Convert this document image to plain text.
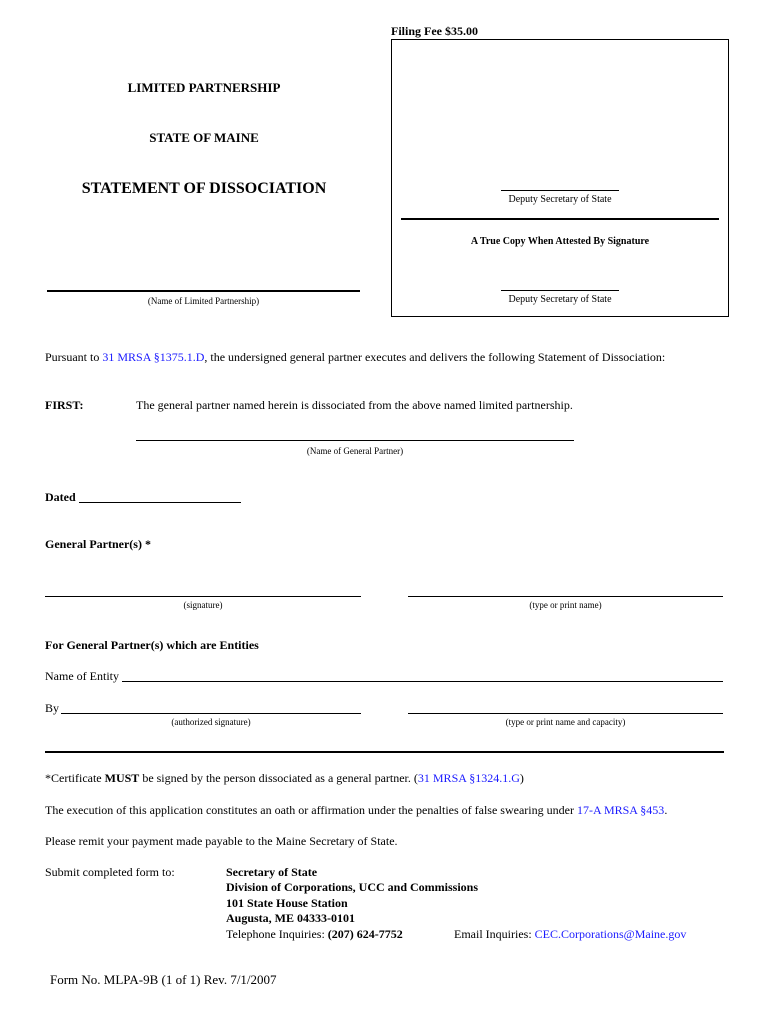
Filing Fee $35.00
LIMITED PARTNERSHIP
STATE OF MAINE
STATEMENT OF DISSOCIATION
(Name of Limited Partnership)
Deputy Secretary of State
A True Copy When Attested By Signature
Deputy Secretary of State
Pursuant to 31 MRSA §1375.1.D, the undersigned general partner executes and delivers the following Statement of Dissociation:
FIRST:	The general partner named herein is dissociated from the above named limited partnership.
(Name of General Partner)
Dated
General Partner(s) *
(signature)	(type or print name)
For General Partner(s) which are Entities
Name of Entity
By
(authorized signature)	(type or print name and capacity)
*Certificate MUST be signed by the person dissociated as a general partner. (31 MRSA §1324.1.G)
The execution of this application constitutes an oath or affirmation under the penalties of false swearing under 17-A MRSA §453.
Please remit your payment made payable to the Maine Secretary of State.
Submit completed form to:	Secretary of State
Division of Corporations, UCC and Commissions
101 State House Station
Augusta, ME 04333-0101
Telephone Inquiries: (207) 624-7752	Email Inquiries: CEC.Corporations@Maine.gov
Form No. MLPA-9B (1 of 1) Rev. 7/1/2007
